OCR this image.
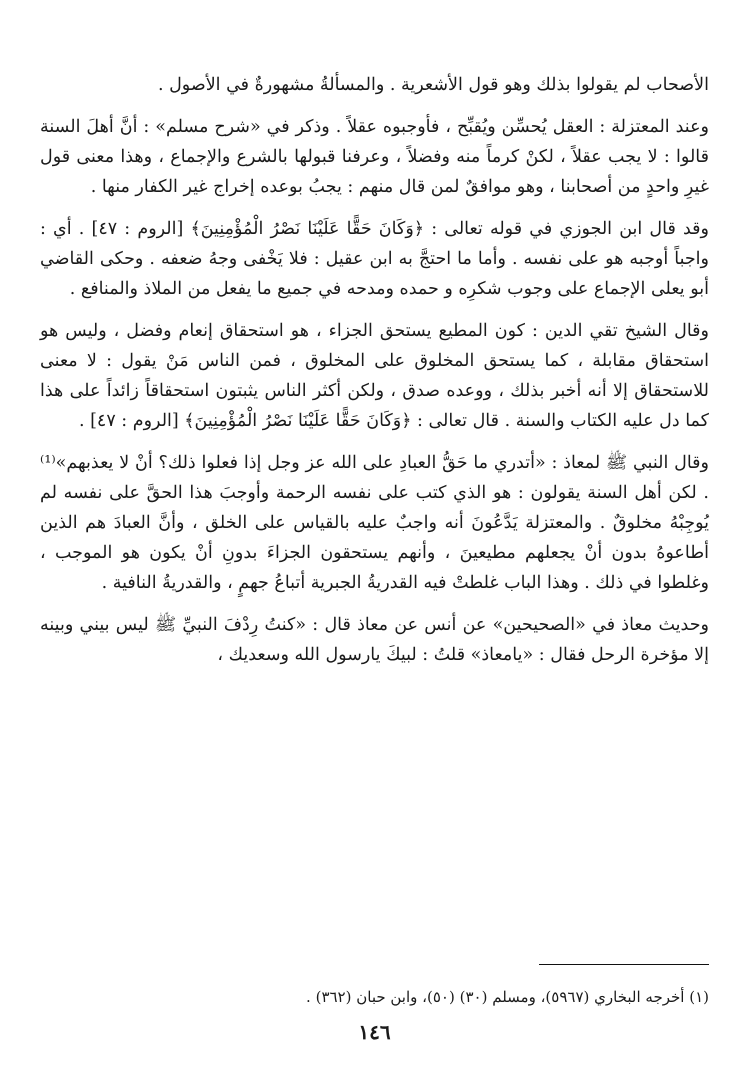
الأصحاب لم يقولوا بذلك وهو قول الأشعرية . والمسألةُ مشهورةٌ في الأصول .

وعند المعتزلة : العقل يُحسِّن ويُقبِّح ، فأوجبوه عقلاً . وذكر في «شرح مسلم» : أنَّ أهلَ السنة قالوا : لا يجب عقلاً ، لكنْ كرماً منه وفضلاً ، وعرفنا قبولها بالشرع والإجماع ، وهذا معنى قول غيرِ واحدٍ من أصحابنا ، وهو موافقٌ لمن قال منهم : يجبُ بوعده إخراج غير الكفار منها .

وقد قال ابن الجوزي في قوله تعالى : ﴿وَكَانَ حَقًّا عَلَيْنَا نَصْرُ الْمُؤْمِنِينَ﴾ [الروم : ٤٧] . أي : واجباً أوجبه هو على نفسه . وأما ما احتجَّ به ابن عقيل : فلا يَخْفى وجهُ ضعفه . وحكى القاضي أبو يعلى الإجماع على وجوب شكرِه و حمده ومدحه في جميع ما يفعل من الملاذ والمنافع .

وقال الشيخ تقي الدين : كون المطيع يستحق الجزاء ، هو استحقاق إنعام وفضل ، وليس هو استحقاق مقابلة ، كما يستحق المخلوق على المخلوق ، فمن الناس مَنْ يقول : لا معنى للاستحقاق إلا أنه أخبر بذلك ، ووعده صدق ، ولكن أكثر الناس يثبتون استحقاقاً زائداً على هذا كما دل عليه الكتاب والسنة . قال تعالى : ﴿وَكَانَ حَقًّا عَلَيْنَا نَصْرُ الْمُؤْمِنِينَ﴾ [الروم : ٤٧] .

وقال النبي ﷺ لمعاذ : «أتدري ما حَقُّ العبادِ على الله عز وجل إذا فعلوا ذلك؟ أنْ لا يعذبهم»⁽¹⁾ . لكن أهل السنة يقولون : هو الذي كتب على نفسه الرحمة وأوجبَ هذا الحقَّ على نفسه لم يُوجِبْهُ مخلوقٌ . والمعتزلة يَدَّعُونَ أنه واجبٌ عليه بالقياس على الخلق ، وأنَّ العبادَ هم الذين أطاعوهُ بدون أنْ يجعلهم مطيعينَ ، وأنهم يستحقون الجزاءَ بدونِ أنْ يكون هو الموجب ، وغلطوا في ذلك . وهذا الباب غلطتْ فيه القدريةُ الجبرية أتباعُ جهمٍ ، والقدريةُ النافية .

وحديث معاذ في «الصحيحين» عن أنس عن معاذ قال : «كنتُ رِدْفَ النبيِّ ﷺ ليس بيني وبينه إلا مؤخرة الرحل فقال : «يامعاذ» قلتُ : لبيكَ يارسول الله وسعديك ،

(١) أخرجه البخاري (٥٩٦٧)، ومسلم (٣٠) (٥٠)، وابن حبان (٣٦٢) .
١٤٦
